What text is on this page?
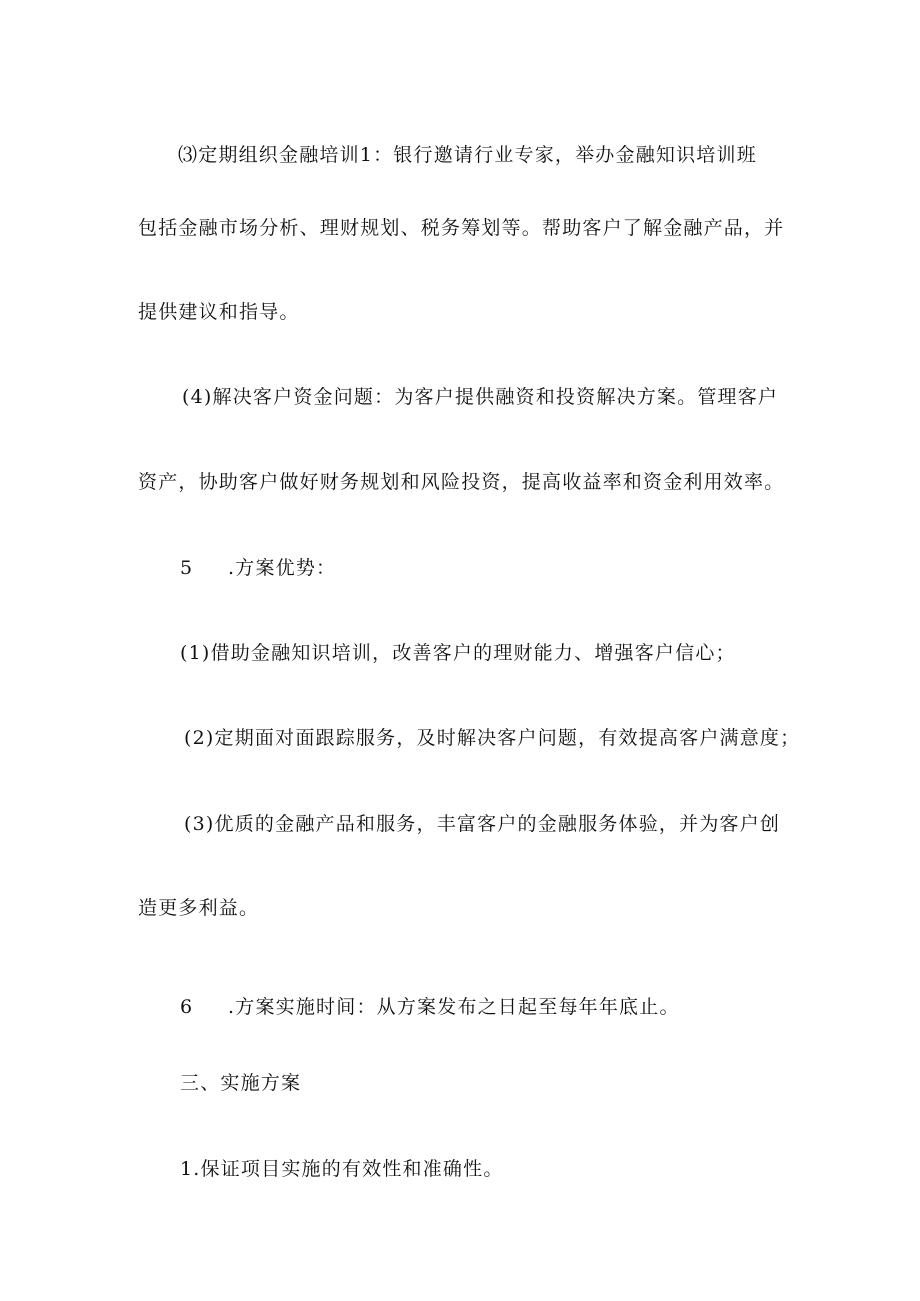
⑶定期组织金融培训1：银行邀请行业专家，举办金融知识培训班
包括金融市场分析、理财规划、税务筹划等。帮助客户了解金融产品，并
提供建议和指导。
(4)解决客户资金问题：为客户提供融资和投资解决方案。管理客户
资产，协助客户做好财务规划和风险投资，提高收益率和资金利用效率。
5 .方案优势：
(1)借助金融知识培训，改善客户的理财能力、增强客户信心；
(2)定期面对面跟踪服务，及时解决客户问题，有效提高客户满意度；
(3)优质的金融产品和服务，丰富客户的金融服务体验，并为客户创
造更多利益。
6 .方案实施时间：从方案发布之日起至每年年底止。
三、实施方案
1.保证项目实施的有效性和准确性。
